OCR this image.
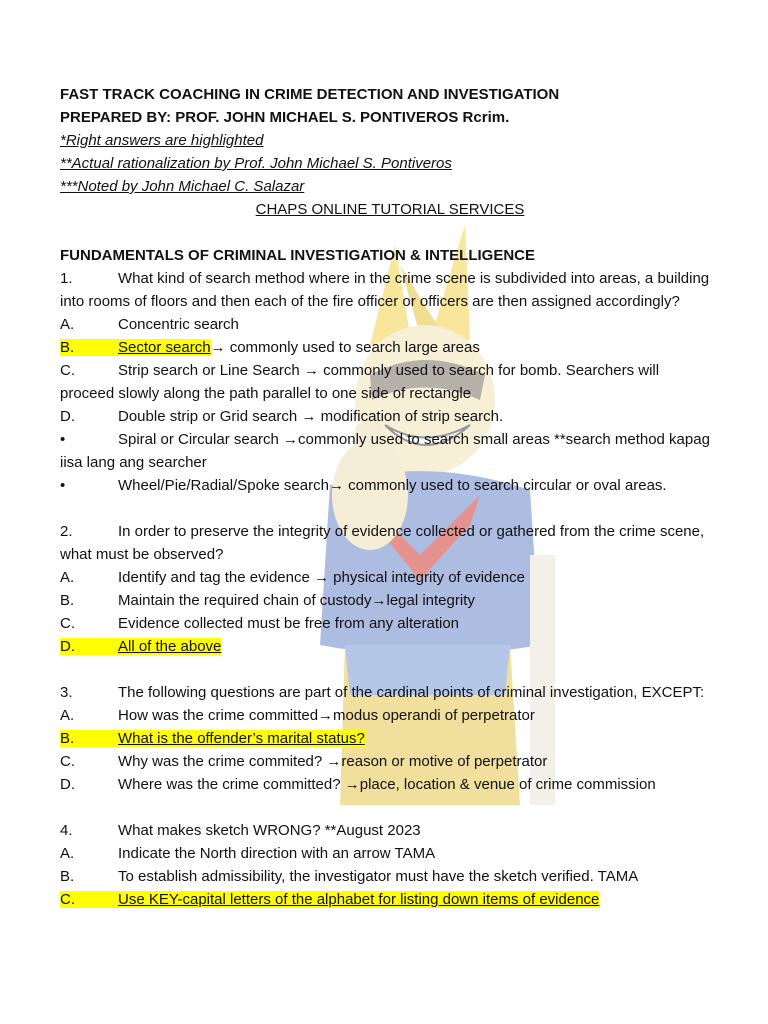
FAST TRACK COACHING IN CRIME DETECTION AND INVESTIGATION
PREPARED BY: PROF. JOHN MICHAEL S. PONTIVEROS Rcrim.
*Right answers are highlighted
**Actual rationalization by Prof. John Michael S. Pontiveros
***Noted by John Michael C. Salazar
CHAPS ONLINE TUTORIAL SERVICES
FUNDAMENTALS OF CRIMINAL INVESTIGATION & INTELLIGENCE
1.	What kind of search method where in the crime scene is subdivided into areas, a building
into rooms of floors and then each of the fire officer or officers are then assigned accordingly?
A.	Concentric search
B.	Sector search→ commonly used to search large areas
C.	Strip search or Line Search → commonly used to search for bomb. Searchers will
proceed slowly along the path parallel to one side of rectangle
D.	Double strip or Grid search → modification of strip search.
•	Spiral or Circular search →commonly used to search small areas **search method kapag
iisa lang ang searcher
•	Wheel/Pie/Radial/Spoke search→ commonly used to search circular or oval areas.
2.	In order to preserve the integrity of evidence collected or gathered from the crime scene,
what must be observed?
A.	Identify and tag the evidence → physical integrity of evidence
B.	Maintain the required chain of custody→legal integrity
C.	Evidence collected must be free from any alteration
D.	All of the above
3.	The following questions are part of the cardinal points of criminal investigation, EXCEPT:
A.	How was the crime committed→modus operandi of perpetrator
B.	What is the offender’s marital status?
C.	Why was the crime commited? →reason or motive of perpetrator
D.	Where was the crime committed? →place, location & venue of crime commission
4.	What makes sketch WRONG? **August 2023
A.	Indicate the North direction with an arrow TAMA
B.	To establish admissibility, the investigator must have the sketch verified. TAMA
C.	Use KEY-capital letters of the alphabet for listing down items of evidence
